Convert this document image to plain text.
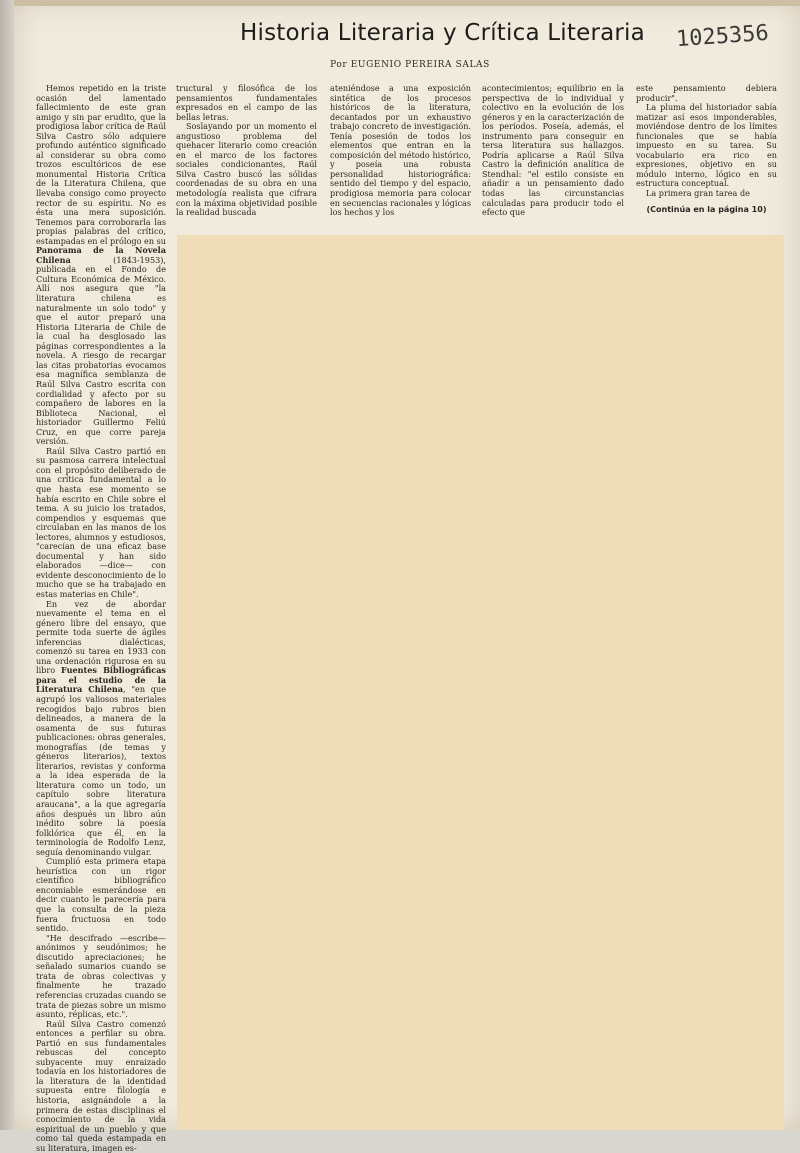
Historia Literaria y Crítica Literaria 1025356
Por EUGENIO PEREIRA SALAS

Hemos repetido en la triste ocasión del lamentado fallecimiento de este gran amigo y sin par erudito, que la prodigiosa labor crítica de Raúl Silva Castro sólo adquiere profundo auténtico significado al considerar su obra como trozos escultóricos de ese monumental Historia Crítica de la Literatura Chilena, que llevaba consigo como proyecto rector de su espíritu. No es ésta una mera suposición. Tenemos para corroborarla las propias palabras del crítico, estampadas en el prólogo en su Panorama de la Novela Chilena	(1843-1953), publicada en el Fondo de Cultura Económica de México. Allí nos asegura que "la literatura chilena es naturalmente un solo todo" y que el autor preparó una Historia Literaria de Chile de la cual ha desglosado las páginas correspondientes a la novela. A riesgo de recargar las citas probatorias evocamos esa magnífica semblanza de Raúl Silva Castro escrita con cordialidad y afecto por su compañero de labores en la Biblioteca Nacional, el historiador Guillermo Feliú Cruz, en que corre pareja versión.

Raúl Silva Castro partió en su pasmosa carrera intelectual con el propósito deliberado de una crítica fundamental a lo que hasta ese momento se había escrito en Chile sobre el tema. A su juicio los tratados, compendios y esquemas que circulaban en las manos de los lectores, alumnos y estudiosos, "carecían de una eficaz base documental y han sido elaborados —dice— con evidente desconocimiento de lo mucho que se ha trabajado en estas materias en Chile".

En vez de abordar nuevamente el tema en el género libre del ensayo, que permite toda suerte de ágiles inferencias dialécticas, comenzó su tarea en 1933 con una ordenación rigurosa en su libro Fuentes Bibliográficas para el estudio de la Literatura Chilena, "en que agrupó los valiosos materiales recogidos bajo rubros bien delineados, a manera de la osamenta de sus futuras publicaciones: obras generales, monografías (de temas y géneros literarios), textos literarios, revistas y conforma a la idea esperada de la literatura como un todo, un capítulo sobre literatura araucana", a la que agregaría años después un libro aún inédito sobre la poesía folklórica que él, en la terminología de Rodolfo Lenz, seguía denominando vulgar.

Cumplió esta primera etapa heurística con un rigor científico bibliográfico encomiable esmerándose en decir cuanto le parecería para que la consulta de la pieza fuera fructuosa en todo sentido.

"He descifrado —escribe— anónimos y seudónimos; he discutido apreciaciones; he señalado sumarios cuando se trata de obras colectivas y finalmente he trazado referencias cruzadas cuando se trata de piezas sobre un mismo asunto, réplicas, etc.".

Raúl Silva Castro comenzó entonces a perfilar su obra. Partió en sus fundamentales rebuscas del concepto subyacente muy enraizado todavía en los historiadores de la literatura de la identidad supuesta entre filología e historia, asignándole a la primera de estas disciplinas el conocimiento de la vida espiritual de un pueblo y que como tal queda estampada en su literatura, imagen es-

tructural y filosófica de los pensamientos fundamentales expresados en el campo de las bellas letras.

Soslayando por un momento el angustioso problema del quehacer literario como creación en el marco de los factores sociales condicionantes, Raúl Silva Castro buscó las sólidas coordenadas de su obra en una metodología realista que cifrara con la máxima objetividad posible la realidad buscada

ateniéndose a una exposición sintética de los procesos históricos de la literatura, decantados por un exhaustivo trabajo concreto de investigación. Tenía posesión de todos los elementos que entran en la composición del método histórico, y poseía una robusta personalidad historiográfica: sentido del tiempo y del espacio, prodigiosa memoria para colocar en secuencias racionales y lógicas los hechos y los

acontecimientos; equilibrio en la perspectiva de lo individual y colectivo en la evolución de los géneros y en la caracterización de los períodos. Poseía, además, el instrumento para conseguir en tersa literatura sus hallazgos. Podría aplicarse a Raúl Silva Castro la definición analítica de Stendhal: "el estilo consiste en añadir a un pensamiento dado todas las circunstancias calculadas para producir todo el efecto que

este pensamiento debiera producir".

La pluma del historiador sabía matizar así esos imponderables, moviéndose dentro de los límites funcionales que se había impuesto en su tarea. Su vocabulario era rico en expresiones, objetivo en su módulo interno, lógico en su estructura conceptual.

La primera gran tarea de

(Continúa en la página 10)
